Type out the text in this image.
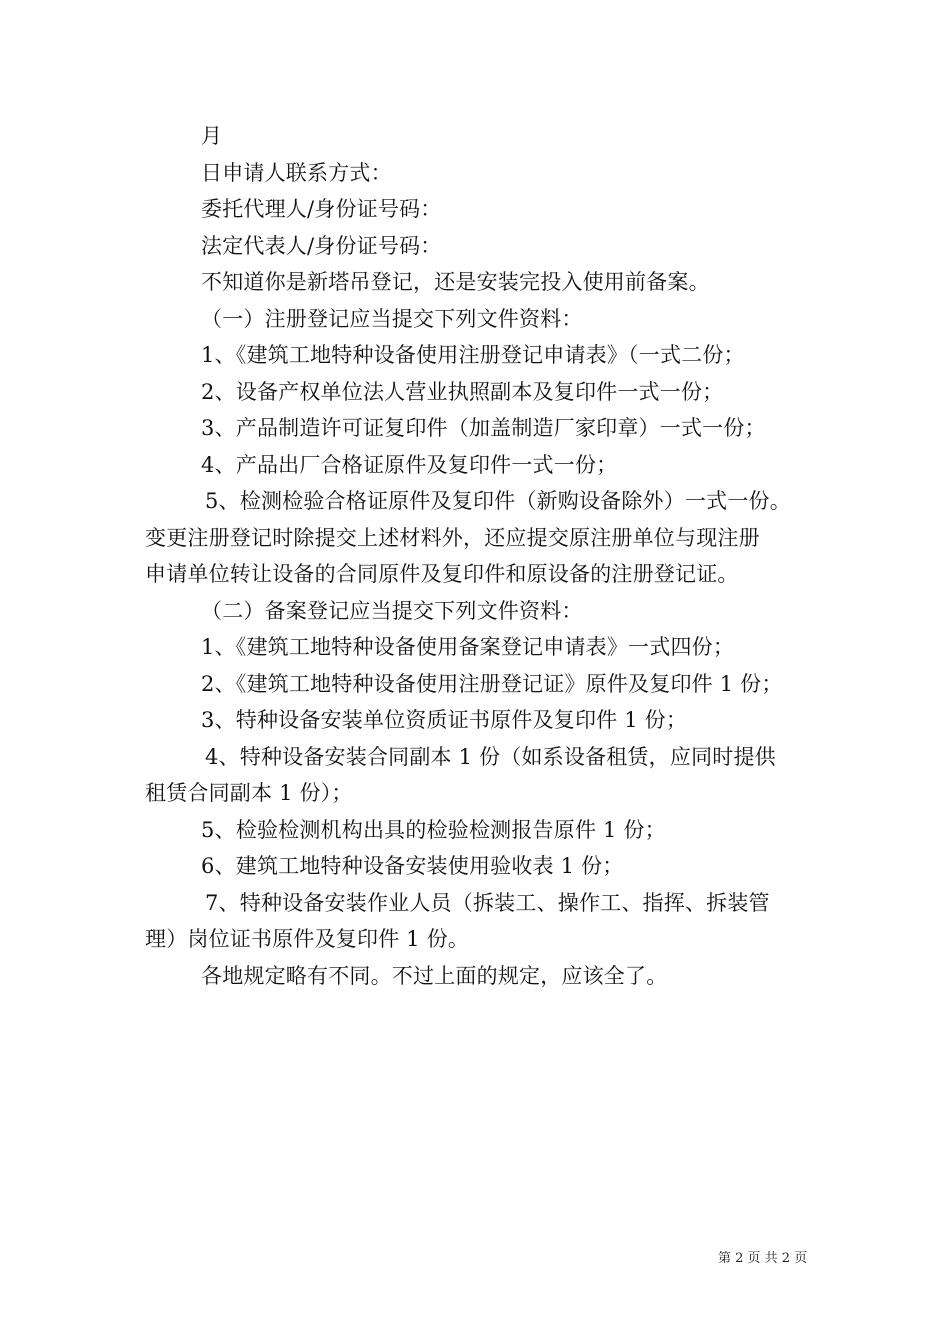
月
日申请人联系方式：
委托代理人/身份证号码：
法定代表人/身份证号码：
不知道你是新塔吊登记，还是安装完投入使用前备案。
（一）注册登记应当提交下列文件资料：
1、《建筑工地特种设备使用注册登记申请表》（一式二份；
2、设备产权单位法人营业执照副本及复印件一式一份；
3、产品制造许可证复印件（加盖制造厂家印章）一式一份；
4、产品出厂合格证原件及复印件一式一份；
5、检测检验合格证原件及复印件（新购设备除外）一式一份。
变更注册登记时除提交上述材料外，还应提交原注册单位与现注册
申请单位转让设备的合同原件及复印件和原设备的注册登记证。
（二）备案登记应当提交下列文件资料：
1、《建筑工地特种设备使用备案登记申请表》一式四份；
2、《建筑工地特种设备使用注册登记证》原件及复印件 1 份；
3、特种设备安装单位资质证书原件及复印件 1 份；
4、特种设备安装合同副本 1 份（如系设备租赁，应同时提供
租赁合同副本 1 份）；
5、检验检测机构出具的检验检测报告原件 1 份；
6、建筑工地特种设备安装使用验收表 1 份；
7、特种设备安装作业人员（拆装工、操作工、指挥、拆装管
理）岗位证书原件及复印件 1 份。
各地规定略有不同。不过上面的规定，应该全了。
第 2 页 共 2 页
